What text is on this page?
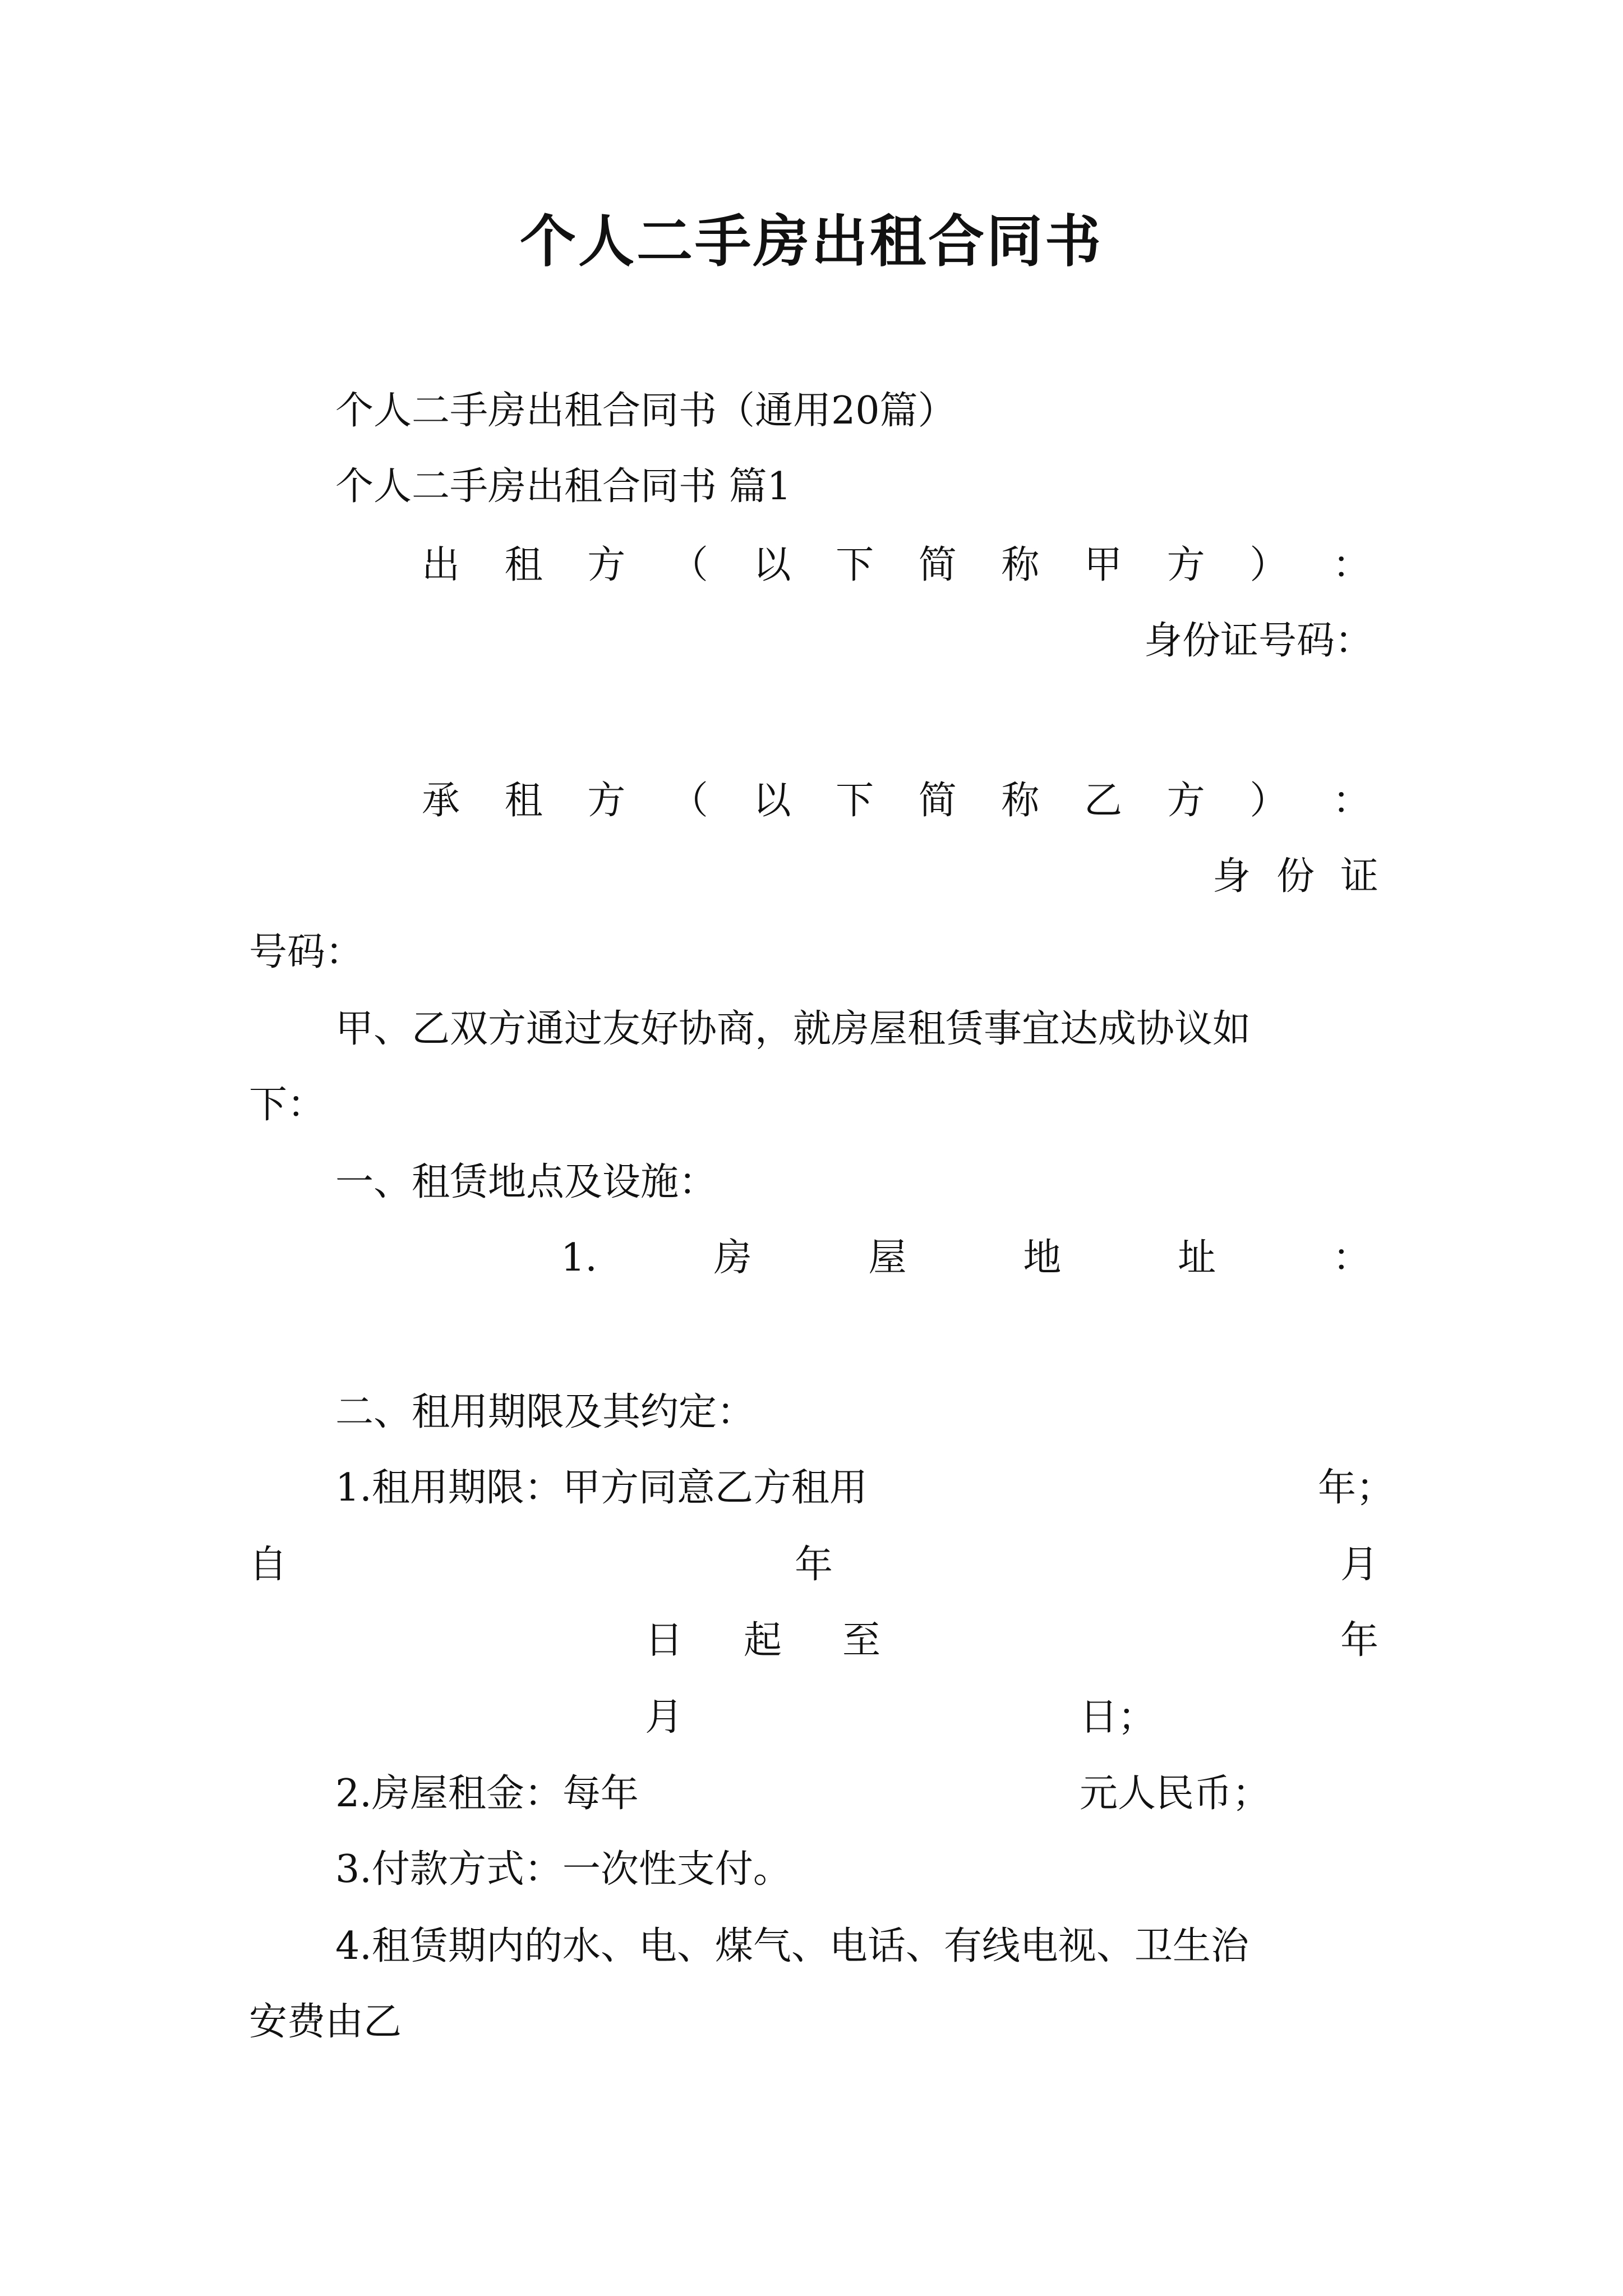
个人二手房出租合同书
个人二手房出租合同书（通用20篇）
个人二手房出租合同书 篇1
出 租 方 （ 以 下 简 称 甲 方 ） ：
身份证号码：
承 租 方 （ 以 下 简 称 乙 方 ） ：
身 份 证
号码：
甲、乙双方通过友好协商，就房屋租赁事宜达成协议如
下：
一、租赁地点及设施：
1.	房	屋	地	址	：
二、租用期限及其约定：
1.租用期限：甲方同意乙方租用	年；
自	年	月
日 起 至	年
月	日；
2.房屋租金：每年	元人民币；
3.付款方式：一次性支付。
4.租赁期内的水、电、煤气、电话、有线电视、卫生治
安费由乙
